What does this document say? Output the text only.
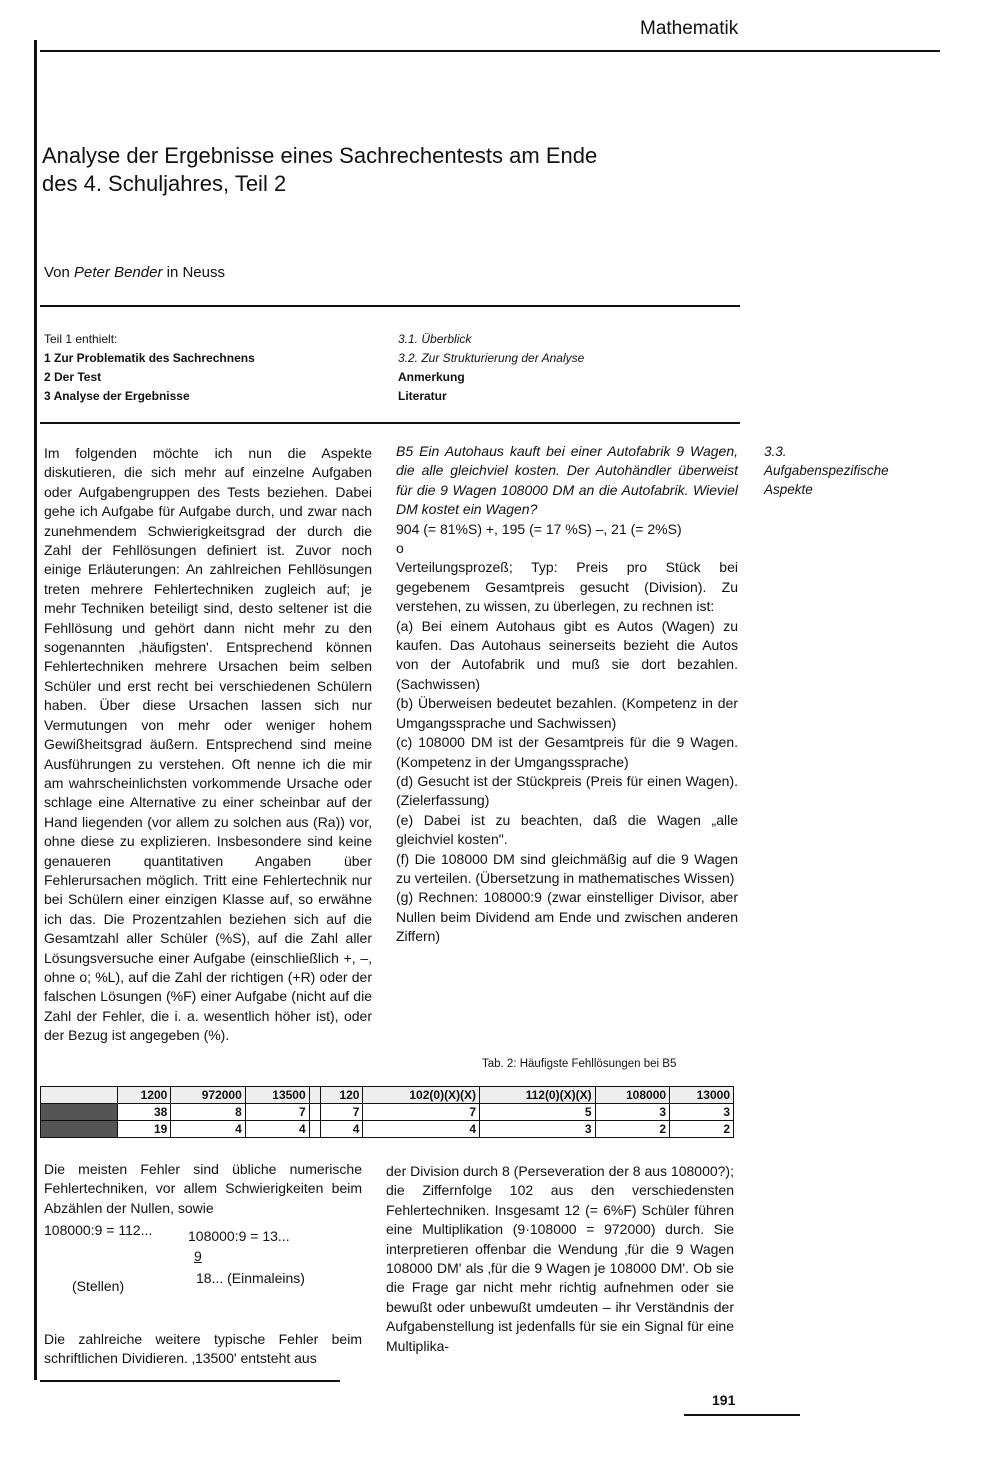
Mathematik
Analyse der Ergebnisse eines Sachrechentests am Ende
des 4. Schuljahres, Teil 2
Von Peter Bender in Neuss
Teil 1 enthielt:
1 Zur Problematik des Sachrechnens
2 Der Test
3 Analyse der Ergebnisse
3.1. Überblick
3.2. Zur Strukturierung der Analyse
Anmerkung
Literatur

Im folgenden möchte ich nun die Aspekte diskutieren, die sich mehr auf einzelne Aufgaben oder Aufgabengruppen des Tests beziehen. Dabei gehe ich Aufgabe für Aufgabe durch, und zwar nach zunehmendem Schwierigkeitsgrad der durch die Zahl der Fehllösungen definiert ist. Zuvor noch einige Erläuterungen: An zahlreichen Fehllösungen treten mehrere Fehlertechniken zugleich auf; je mehr Techniken beteiligt sind, desto seltener ist die Fehllösung und gehört dann nicht mehr zu den sogenannten ‚häufigsten'. Entsprechend können Fehlertechniken mehrere Ursachen beim selben Schüler und erst recht bei verschiedenen Schülern haben. Über diese Ursachen lassen sich nur Vermutungen von mehr oder weniger hohem Gewißheitsgrad äußern. Entsprechend sind meine Ausführungen zu verstehen. Oft nenne ich die mir am wahrscheinlichsten vorkommende Ursache oder schlage eine Alternative zu einer scheinbar auf der Hand liegenden (vor allem zu solchen aus (Ra)) vor, ohne diese zu explizieren. Insbesondere sind keine genaueren quantitativen Angaben über Fehlerursachen möglich. Tritt eine Fehlertechnik nur bei Schülern einer einzigen Klasse auf, so erwähne ich das. Die Prozentzahlen beziehen sich auf die Gesamtzahl aller Schüler (%S), auf die Zahl aller Lösungsversuche einer Aufgabe (einschließlich +, –, ohne o; %L), auf die Zahl der richtigen (+R) oder der falschen Lösungen (%F) einer Aufgabe (nicht auf die Zahl der Fehler, die i. a. wesentlich höher ist), oder der Bezug ist angegeben (%).

B5 Ein Autohaus kauft bei einer Autofabrik 9 Wagen, die alle gleichviel kosten. Der Autohändler überweist für die 9 Wagen 108000 DM an die Autofabrik. Wieviel DM kostet ein Wagen?

904 (= 81%S) +, 195 (= 17 %S) –, 21 (= 2%S)

o

Verteilungsprozeß; Typ: Preis pro Stück bei gegebenem Gesamtpreis gesucht (Division). Zu verstehen, zu wissen, zu überlegen, zu rechnen ist:

(a) Bei einem Autohaus gibt es Autos (Wagen) zu kaufen. Das Autohaus seinerseits bezieht die Autos von der Autofabrik und muß sie dort bezahlen. (Sachwissen)

(b) Überweisen bedeutet bezahlen. (Kompetenz in der Umgangssprache und Sachwissen)

(c) 108000 DM ist der Gesamtpreis für die 9 Wagen. (Kompetenz in der Umgangssprache)

(d) Gesucht ist der Stückpreis (Preis für einen Wagen). (Zielerfassung)

(e) Dabei ist zu beachten, daß die Wagen „alle gleichviel kosten".

(f) Die 108000 DM sind gleichmäßig auf die 9 Wagen zu verteilen. (Übersetzung in mathematisches Wissen)

(g) Rechnen: 108000:9 (zwar einstelliger Divisor, aber Nullen beim Dividend am Ende und zwischen anderen Ziffern)

3.3.
Aufgabenspezifische
Aspekte
Tab. 2: Häufigste Fehllösungen bei B5
	1200	972000	13500		120	102(0)(X)(X)	112(0)(X)(X)	108000	13000
	38	8	7		7	7	5	3	3
	19	4	4		4	4	3	2	2

Die meisten Fehler sind übliche numerische Fehlertechniken, vor allem Schwierigkeiten beim Abzählen der Nullen, sowie

108000:9 = 112...	108000:9 = 13...
9
18... (Einmaleins)
(Stellen)

Die zahlreiche weitere typische Fehler beim schriftlichen Dividieren. ‚13500' entsteht aus

der Division durch 8 (Perseveration der 8 aus 108000?); die Ziffernfolge 102 aus den verschiedensten Fehlertechniken. Insgesamt 12 (= 6%F) Schüler führen eine Multiplikation (9·108000 = 972000) durch. Sie interpretieren offenbar die Wendung ‚für die 9 Wagen 108000 DM' als ‚für die 9 Wagen je 108000 DM'. Ob sie die Frage gar nicht mehr richtig aufnehmen oder sie bewußt oder unbewußt umdeuten – ihr Verständnis der Aufgabenstellung ist jedenfalls für sie ein Signal für eine Multiplika-

191
